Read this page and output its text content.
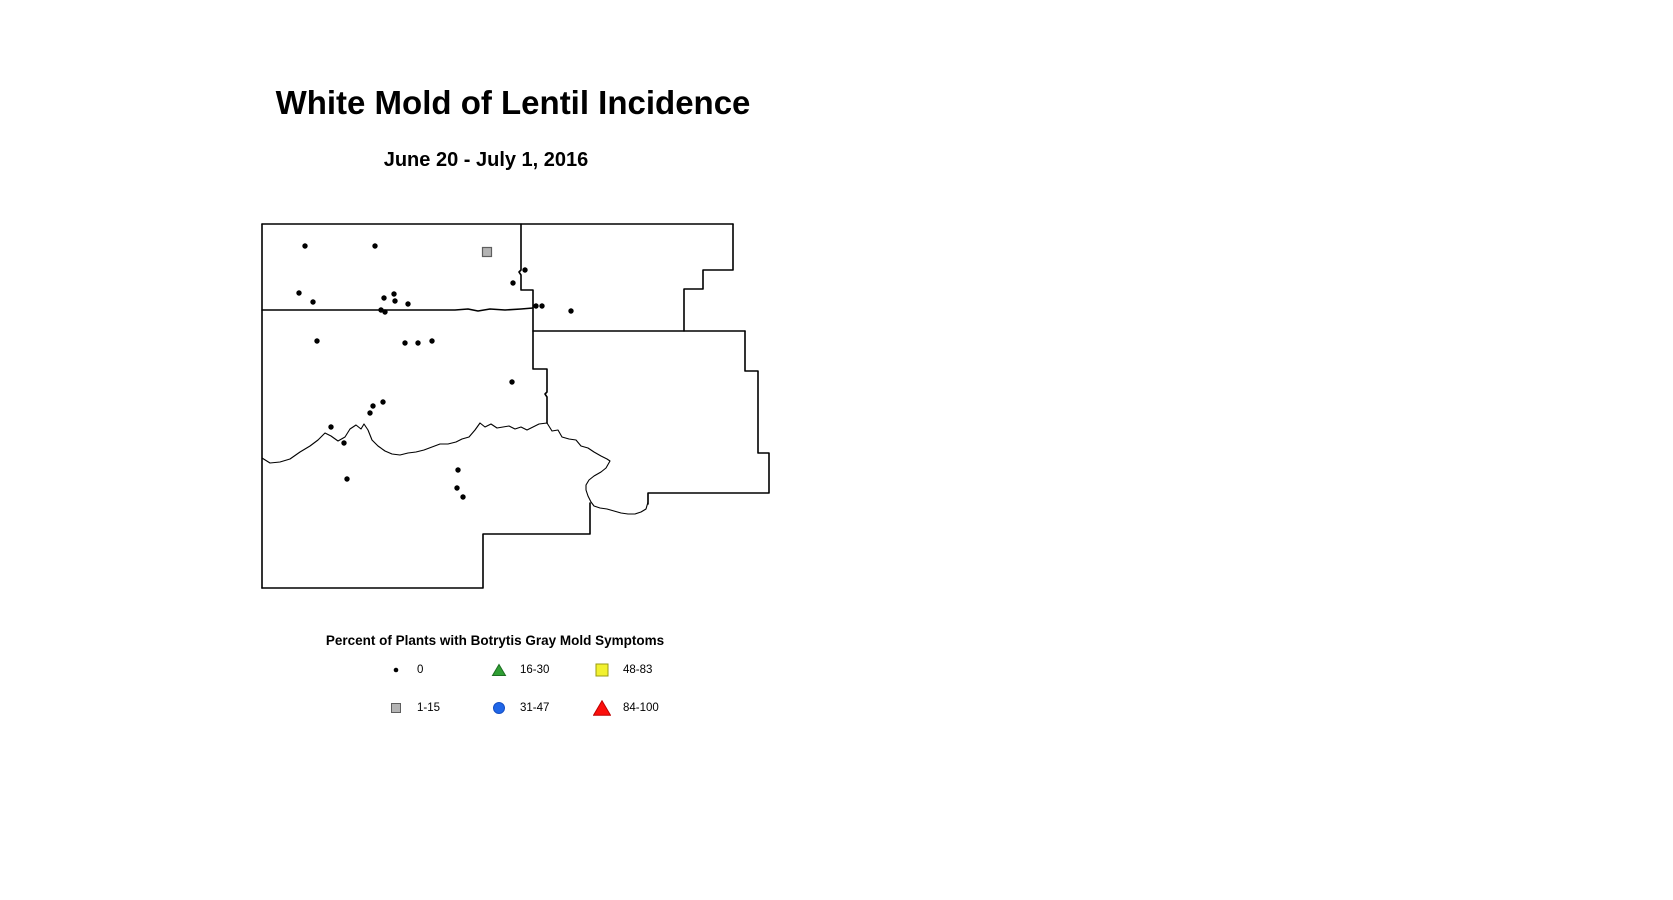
White Mold of Lentil Incidence
June 20 - July 1, 2016
Percent of Plants with Botrytis Gray Mold Symptoms
0
1-15
16-30
31-47
48-83
84-100
